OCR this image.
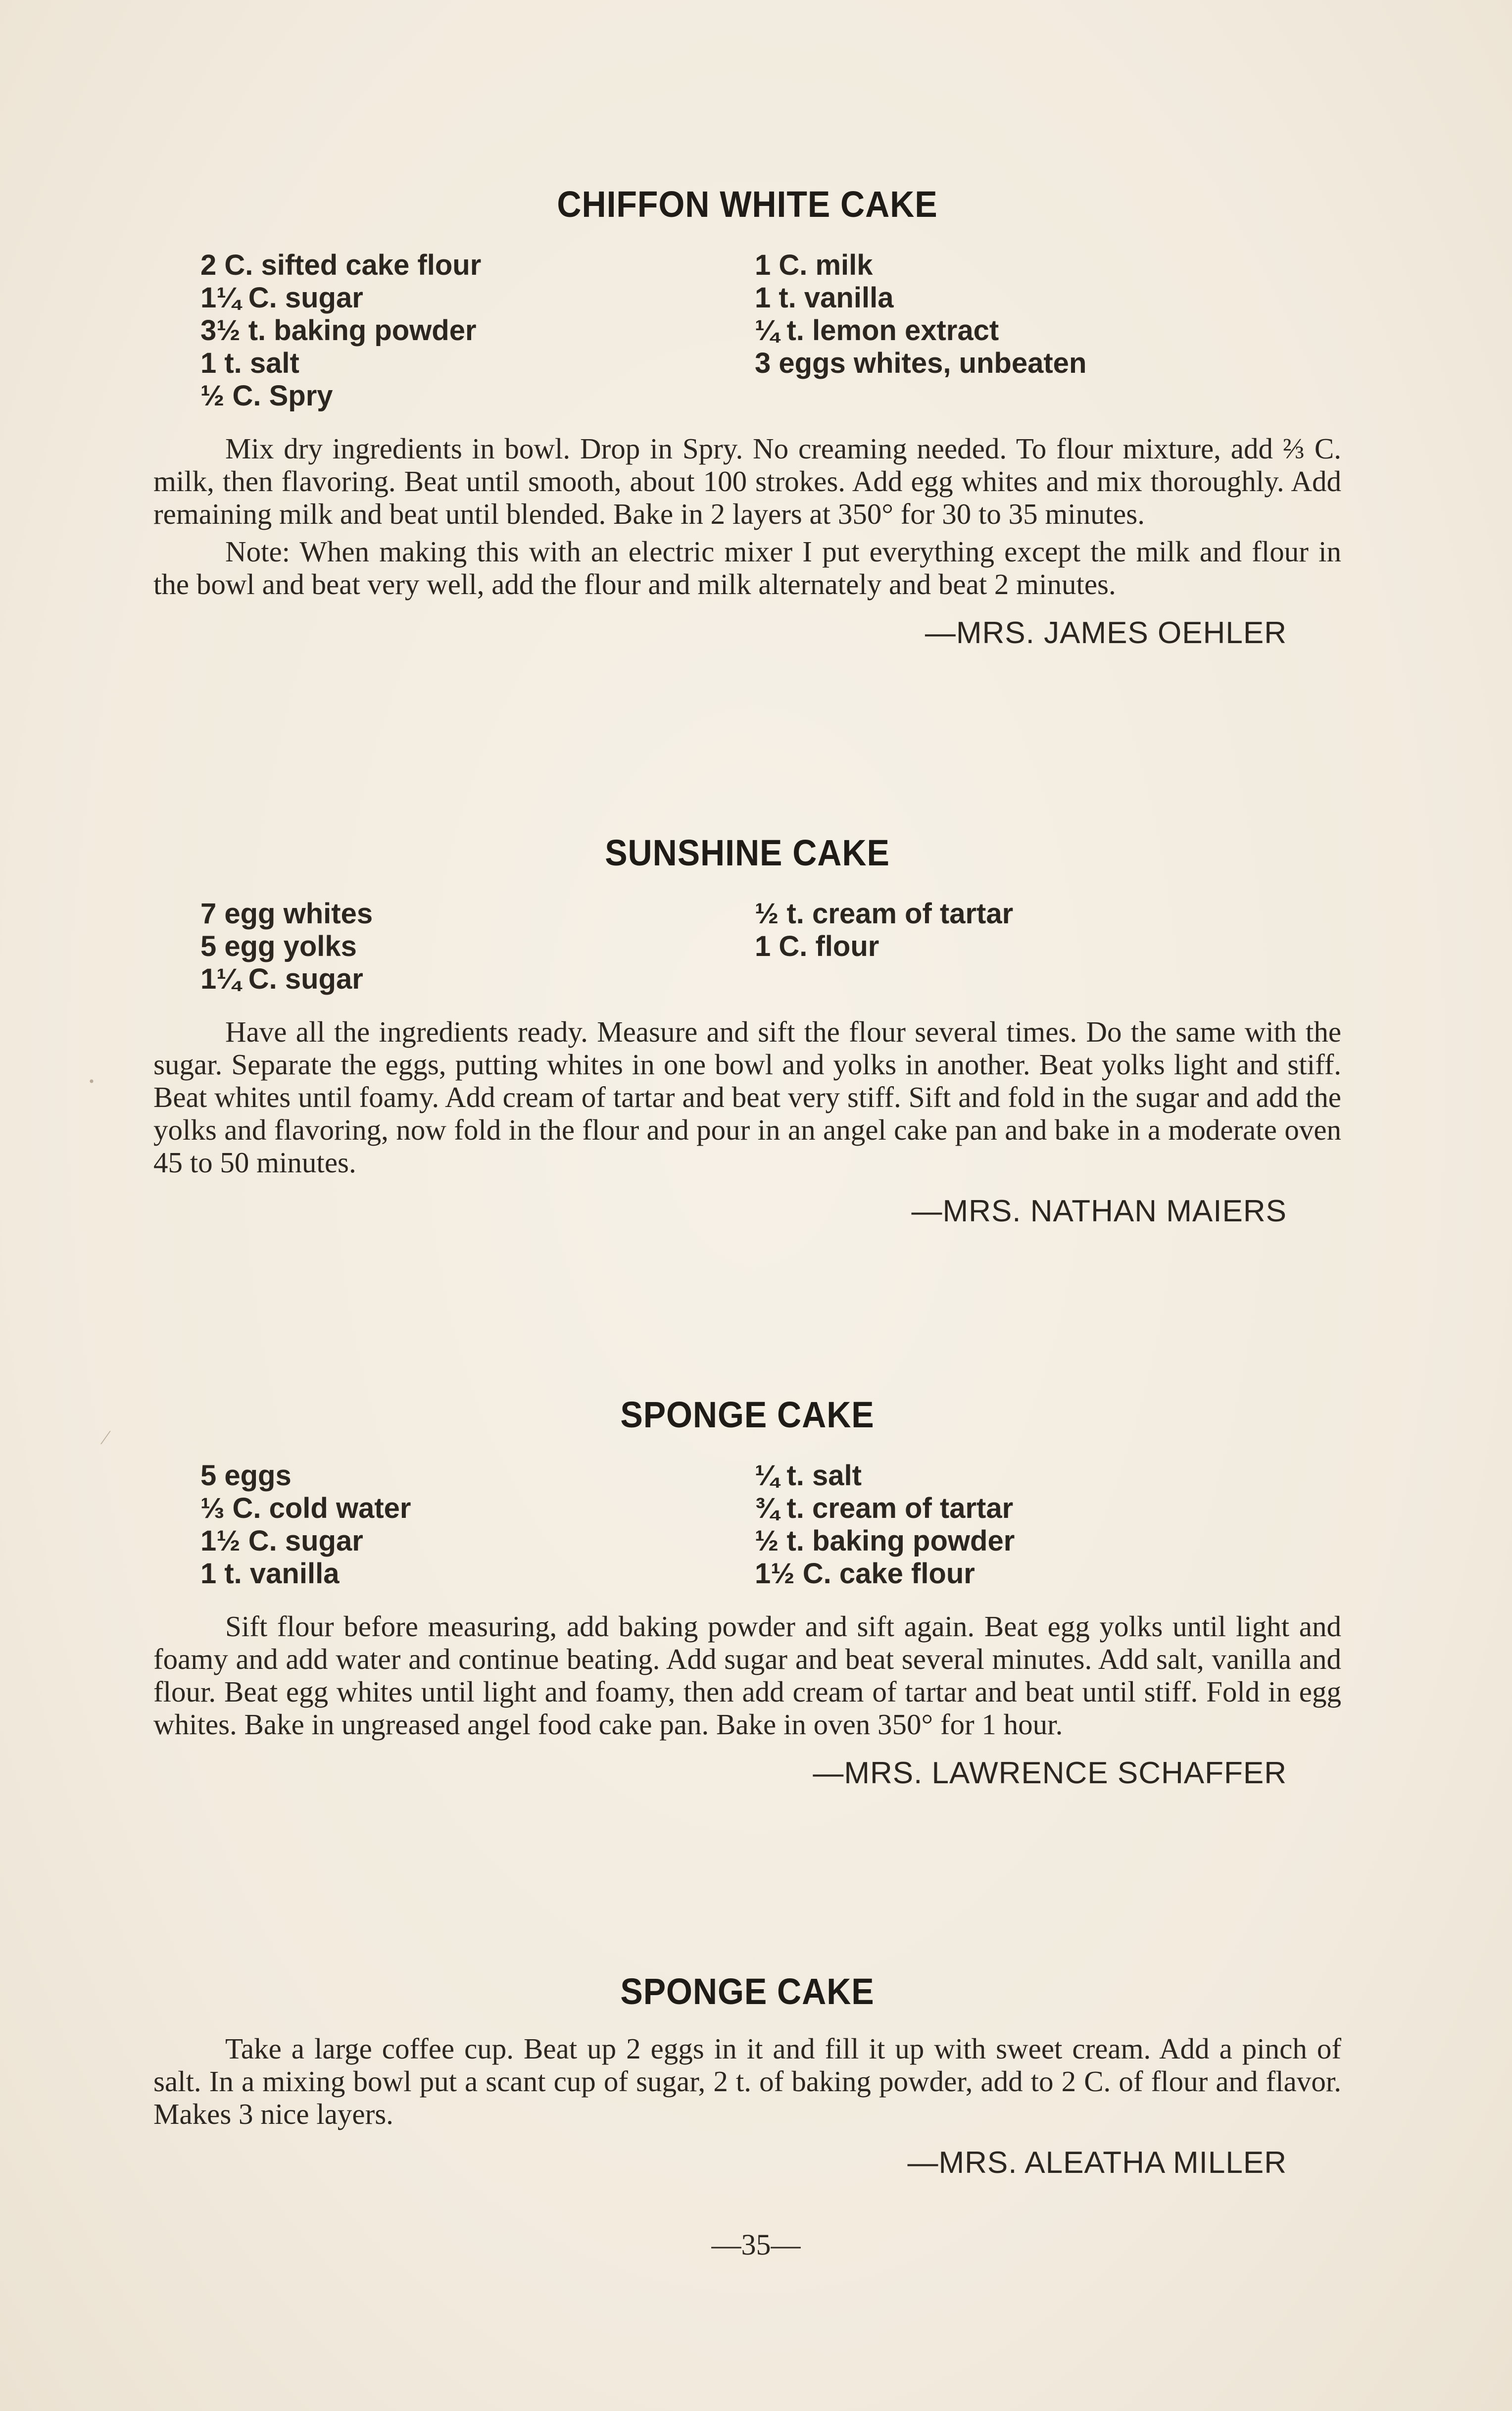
·
⁄
CHIFFON WHITE CAKE
2 C. sifted cake flour
1¼ C. sugar
3½ t. baking powder
1 t. salt
½ C. Spry
1 C. milk
1 t. vanilla
¼ t. lemon extract
3 eggs whites, unbeaten

Mix dry ingredients in bowl. Drop in Spry. No creaming needed. To flour mixture, add ⅔ C. milk, then flavoring. Beat until smooth, about 100 strokes. Add egg whites and mix thoroughly. Add remaining milk and beat until blended. Bake in 2 layers at 350° for 30 to 35 minutes.

Note: When making this with an electric mixer I put everything except the milk and flour in the bowl and beat very well, add the flour and milk alternately and beat 2 minutes.

—MRS. JAMES OEHLER

SUNSHINE CAKE
7 egg whites
5 egg yolks
1¼ C. sugar
½ t. cream of tartar
1 C. flour

Have all the ingredients ready. Measure and sift the flour several times. Do the same with the sugar. Separate the eggs, putting whites in one bowl and yolks in another. Beat yolks light and stiff. Beat whites until foamy. Add cream of tartar and beat very stiff. Sift and fold in the sugar and add the yolks and flavoring, now fold in the flour and pour in an angel cake pan and bake in a moderate oven 45 to 50 minutes.

—MRS. NATHAN MAIERS

SPONGE CAKE
5 eggs
⅓ C. cold water
1½ C. sugar
1 t. vanilla
¼ t. salt
¾ t. cream of tartar
½ t. baking powder
1½ C. cake flour

Sift flour before measuring, add baking powder and sift again. Beat egg yolks until light and foamy and add water and continue beating. Add sugar and beat several minutes. Add salt, vanilla and flour. Beat egg whites until light and foamy, then add cream of tartar and beat until stiff. Fold in egg whites. Bake in ungreased angel food cake pan. Bake in oven 350° for 1 hour.

—MRS. LAWRENCE SCHAFFER

SPONGE CAKE

Take a large coffee cup. Beat up 2 eggs in it and fill it up with sweet cream. Add a pinch of salt. In a mixing bowl put a scant cup of sugar, 2 t. of baking powder, add to 2 C. of flour and flavor. Makes 3 nice layers.

—MRS. ALEATHA MILLER

—35—
